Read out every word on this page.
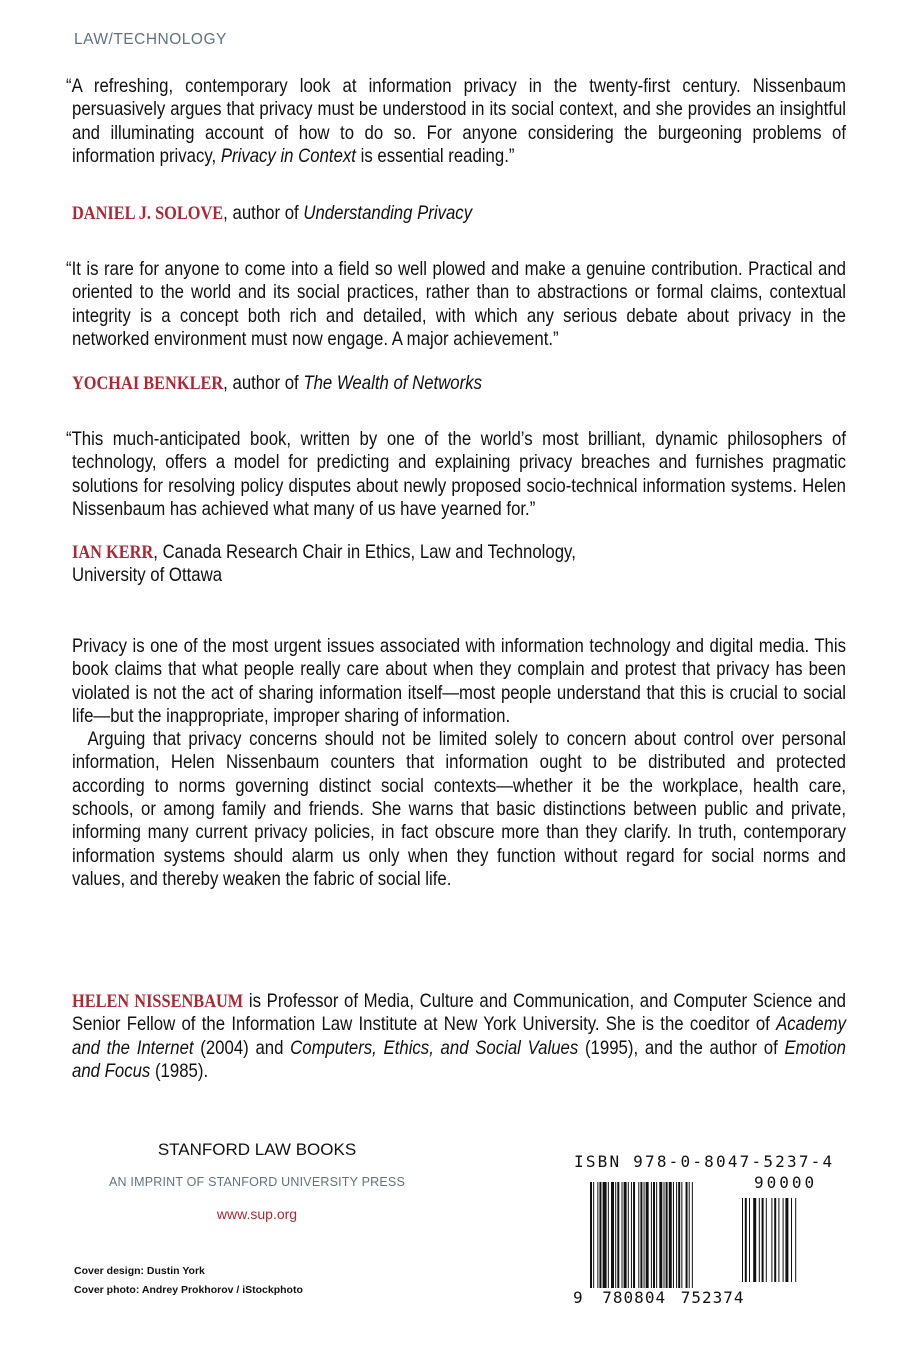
LAW/TECHNOLOGY
“A refreshing, contemporary look at information privacy in the twenty-first century. Nissenbaum persuasively argues that privacy must be understood in its social context, and she provides an insightful and illuminating account of how to do so. For anyone considering the burgeoning problems of information privacy, Privacy in Context is essential reading.”
DANIEL J. SOLOVE, author of Understanding Privacy
“It is rare for anyone to come into a field so well plowed and make a genuine contribution. Practical and oriented to the world and its social practices, rather than to abstractions or formal claims, contextual integrity is a concept both rich and detailed, with which any serious debate about privacy in the networked environment must now engage. A major achievement.”
YOCHAI BENKLER, author of The Wealth of Networks
“This much-anticipated book, written by one of the world’s most brilliant, dynamic philosophers of technology, offers a model for predicting and explaining privacy breaches and furnishes pragmatic solutions for resolving policy disputes about newly proposed socio-technical information systems. Helen Nissenbaum has achieved what many of us have yearned for.”
IAN KERR, Canada Research Chair in Ethics, Law and Technology,
University of Ottawa
Privacy is one of the most urgent issues associated with information technology and digital media. This book claims that what people really care about when they complain and protest that privacy has been violated is not the act of sharing information itself—most people understand that this is crucial to social life—but the inappropriate, improper sharing of information.
Arguing that privacy concerns should not be limited solely to concern about control over personal information, Helen Nissenbaum counters that information ought to be distributed and protected according to norms governing distinct social contexts—whether it be the workplace, health care, schools, or among family and friends. She warns that basic distinctions between public and private, informing many current privacy policies, in fact obscure more than they clarify. In truth, contemporary information systems should alarm us only when they function without regard for social norms and values, and thereby weaken the fabric of social life.
HELEN NISSENBAUM is Professor of Media, Culture and Communication, and Computer Science and Senior Fellow of the Information Law Institute at New York University. She is the coeditor of Academy and the Internet (2004) and Computers, Ethics, and Social Values (1995), and the author of Emotion and Focus (1985).
STANFORD LAW BOOKS
AN IMPRINT OF STANFORD UNIVERSITY PRESS
www.sup.org
Cover design: Dustin York
Cover photo: Andrey Prokhorov / iStockphoto
ISBN 978-0-8047-5237-4
90000
9 780804 752374
